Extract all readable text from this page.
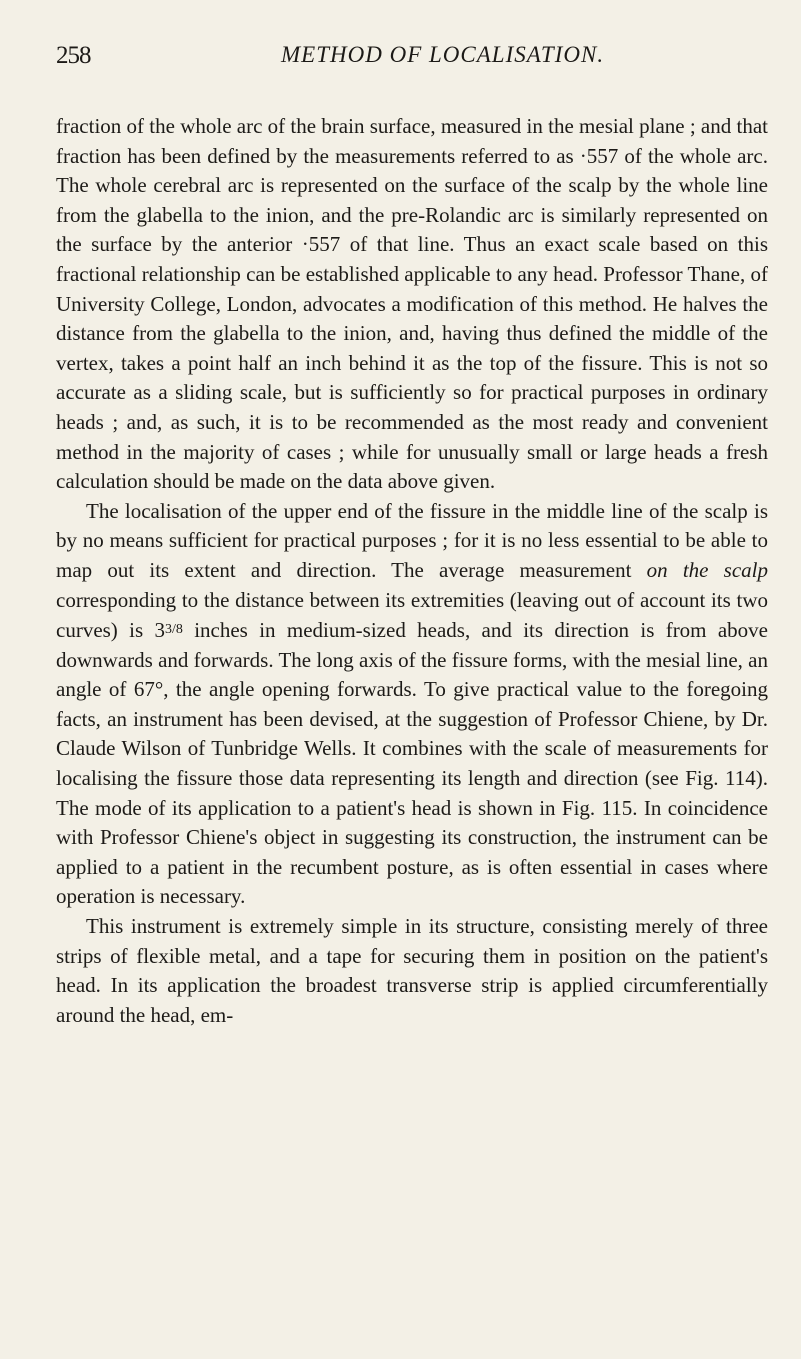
258	METHOD OF LOCALISATION.

fraction of the whole arc of the brain surface, measured in the mesial plane ; and that fraction has been defined by the measurements referred to as ·557 of the whole arc. The whole cerebral arc is represented on the surface of the scalp by the whole line from the glabella to the inion, and the pre-Rolandic arc is similarly represented on the surface by the anterior ·557 of that line. Thus an exact scale based on this fractional relationship can be established applicable to any head. Professor Thane, of University College, London, advocates a modification of this method. He halves the distance from the glabella to the inion, and, having thus defined the middle of the vertex, takes a point half an inch behind it as the top of the fissure. This is not so accurate as a sliding scale, but is sufficiently so for practical purposes in ordinary heads ; and, as such, it is to be recommended as the most ready and convenient method in the majority of cases ; while for unusually small or large heads a fresh calculation should be made on the data above given.

The localisation of the upper end of the fissure in the middle line of the scalp is by no means sufficient for practical purposes ; for it is no less essential to be able to map out its extent and direction. The average measurement on the scalp corresponding to the distance between its extremities (leaving out of account its two curves) is 33/8 inches in medium-sized heads, and its direction is from above downwards and forwards. The long axis of the fissure forms, with the mesial line, an angle of 67°, the angle opening forwards. To give practical value to the foregoing facts, an instrument has been devised, at the suggestion of Professor Chiene, by Dr. Claude Wilson of Tunbridge Wells. It combines with the scale of measurements for localising the fissure those data representing its length and direction (see Fig. 114). The mode of its application to a patient's head is shown in Fig. 115. In coincidence with Professor Chiene's object in suggesting its construction, the instrument can be applied to a patient in the recumbent posture, as is often essential in cases where operation is necessary.

This instrument is extremely simple in its structure, consisting merely of three strips of flexible metal, and a tape for securing them in position on the patient's head. In its application the broadest transverse strip is applied circumferentially around the head, em-
